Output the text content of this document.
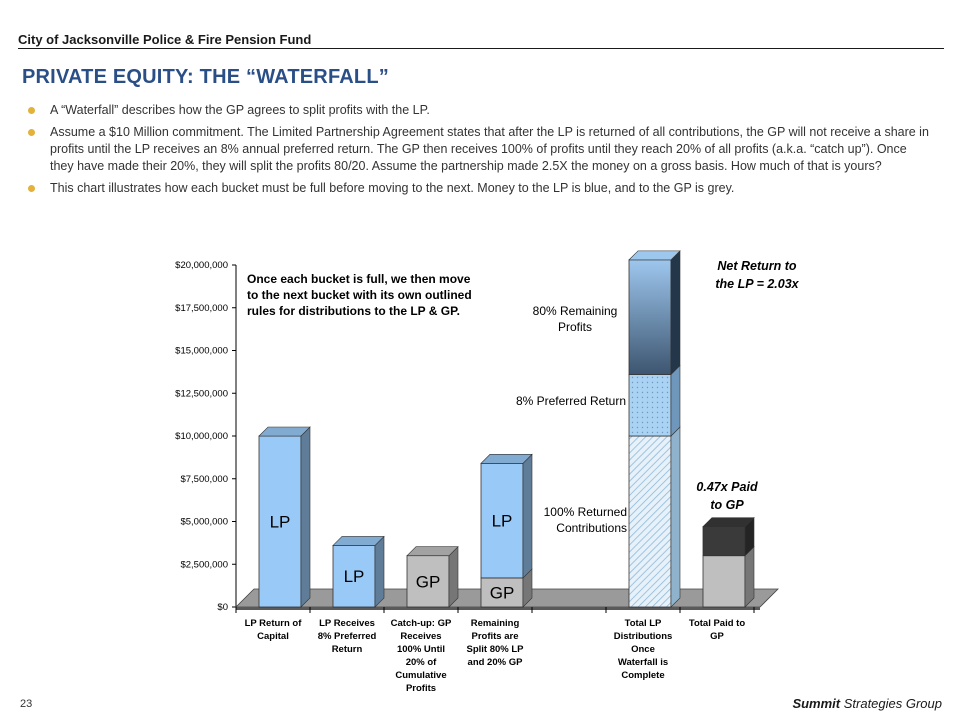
City of Jacksonville Police & Fire Pension Fund
PRIVATE EQUITY: THE “WATERFALL”
A “Waterfall” describes how the GP agrees to split profits with the LP.
Assume a $10 Million commitment. The Limited Partnership Agreement states that after the LP is returned of all contributions, the GP will not receive a share in profits until the LP receives an 8% annual preferred return. The GP then receives 100% of profits until they reach 20% of all profits (a.k.a. “catch up”). Once they have made their 20%, they will split the profits 80/20. Assume the partnership made 2.5X the money on a gross basis. How much of that is yours?
This chart illustrates how each bucket must be full before moving to the next. Money to the LP is blue, and to the GP is grey.
$0
$2,500,000
$5,000,000
$7,500,000
$10,000,000
$12,500,000
$15,000,000
$17,500,000
$20,000,000
LP Return of
Capital
LP Receives
8% Preferred
Return
Catch-up: GP
Receives
100% Until
20% of
Cumulative
Profits
Remaining
Profits are
Split 80% LP
and 20% GP
Total LP
Distributions
Once
Waterfall is
Complete
Total Paid to
GP
LP
LP	GP
GP
LP
Once each bucket is full, we then move
to the next bucket with its own outlined
rules for distributions to the LP & GP.	80% Remaining
Profits
8% Preferred Return
100% Returned
Contributions
Net Return to
the LP = 2.03x
0.47x Paid
to GP
23	Summit Strategies Group
